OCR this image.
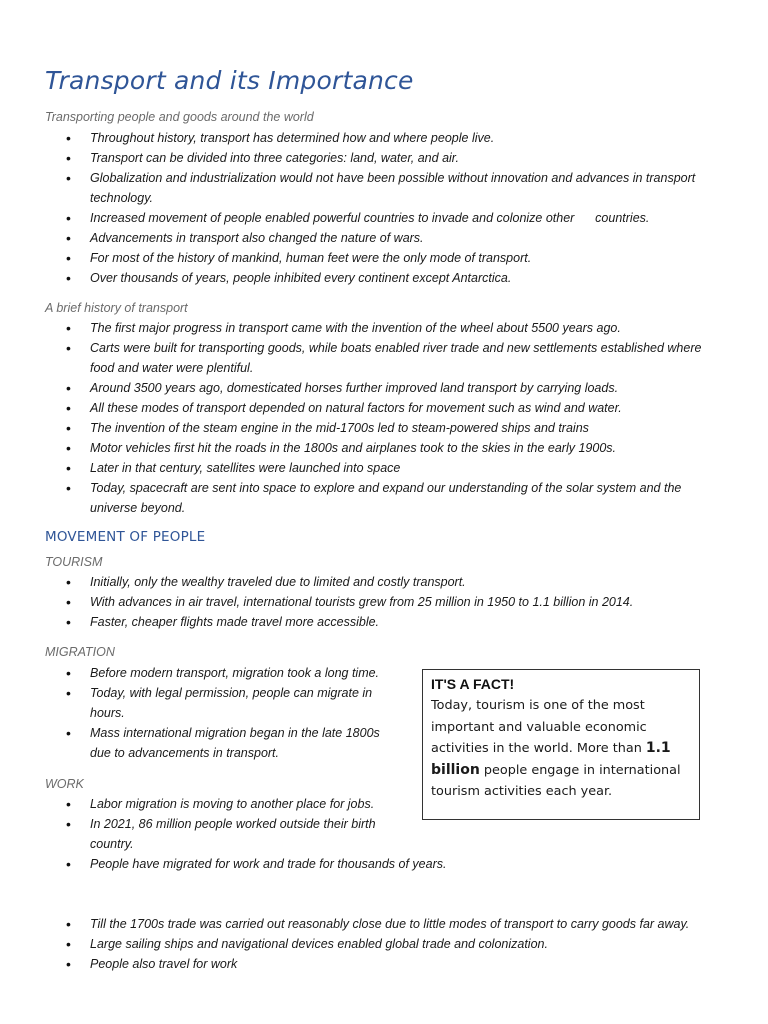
Transport and its Importance

Transporting people and goods around the world

• Throughout history, transport has determined how and where people live.
• Transport can be divided into three categories: land, water, and air.
• Globalization and industrialization would not have been possible without innovation and advances in transport technology.
• Increased movement of people enabled powerful countries to invade and colonize other      countries.
• Advancements in transport also changed the nature of wars.
• For most of the history of mankind, human feet were the only mode of transport.
• Over thousands of years, people inhibited every continent except Antarctica.

A brief history of transport

• The first major progress in transport came with the invention of the wheel about 5500 years ago.
• Carts were built for transporting goods, while boats enabled river trade and new settlements established where food and water were plentiful.
• Around 3500 years ago, domesticated horses further improved land transport by carrying loads.
• All these modes of transport depended on natural factors for movement such as wind and water.
• The invention of the steam engine in the mid-1700s led to steam-powered ships and trains
• Motor vehicles first hit the roads in the 1800s and airplanes took to the skies in the early 1900s.
• Later in that century, satellites were launched into space
• Today, spacecraft are sent into space to explore and expand our understanding of the solar system and the universe beyond.

MOVEMENT OF PEOPLE

TOURISM

• Initially, only the wealthy traveled due to limited and costly transport.
• With advances in air travel, international tourists grew from 25 million in 1950 to 1.1 billion in 2014.
• Faster, cheaper flights made travel more accessible.

MIGRATION

• Before modern transport, migration took a long time.
• Today, with legal permission, people can migrate in hours.
• Mass international migration began in the late 1800s due to advancements in transport.

WORK

• Labor migration is moving to another place for jobs.
• In 2021, 86 million people worked outside their birth country.
• People have migrated for work and trade for thousands of years.
• Till the 1700s trade was carried out reasonably close due to little modes of transport to carry goods far away.
• Large sailing ships and navigational devices enabled global trade and colonization.
• People also travel for work

IT'S A FACT!

Today, tourism is one of the most important and valuable economic activities in the world. More than 1.1 billion people engage in international tourism activities each year.
